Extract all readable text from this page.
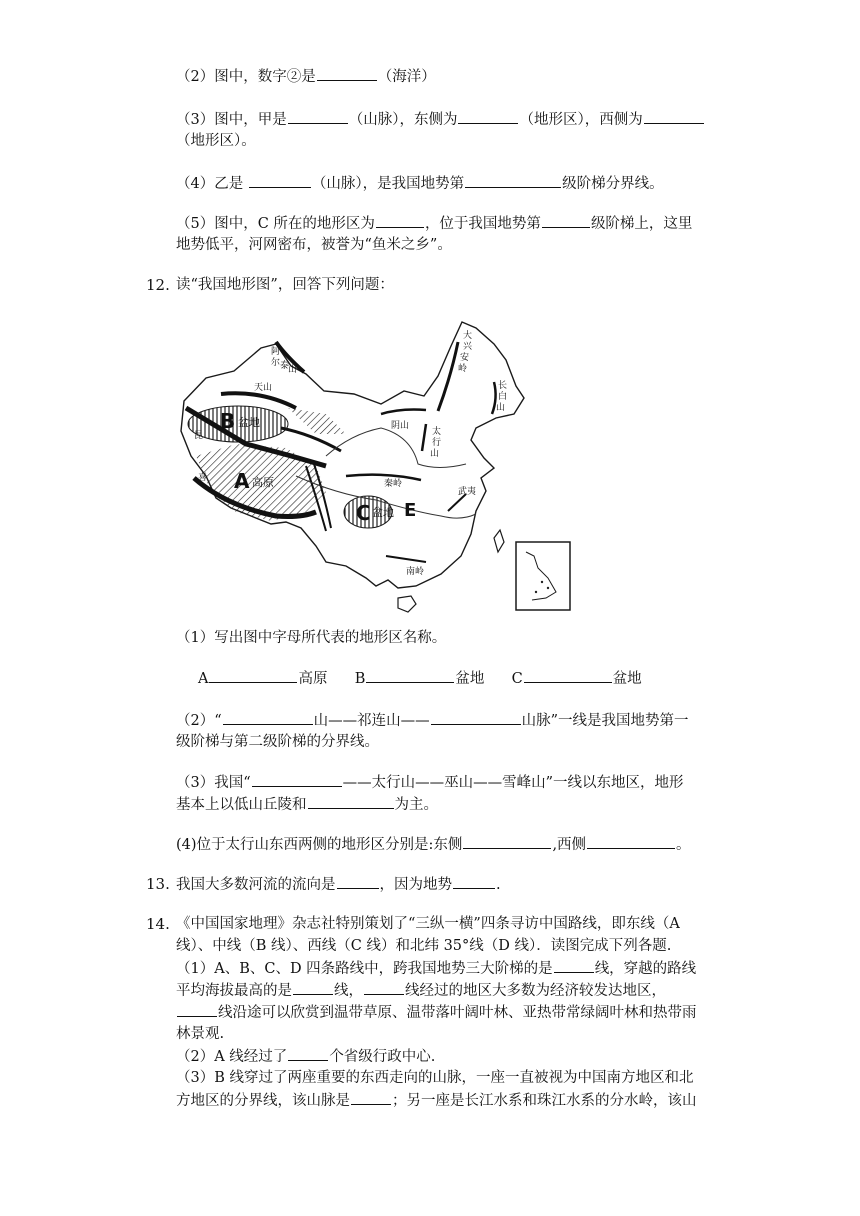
（2）图中，数字②是	（海洋）
（3）图中，甲是	（山脉），东侧为	（地形区），西侧为
（地形区）。
（4）乙是	（山脉），是我国地势第	级阶梯分界线。
（5）图中，C 所在的地形区为	，位于我国地势第	级阶梯上，这里
地势低平，河网密布，被誉为“鱼米之乡”。
12. 读“我国地形图”，回答下列问题：
大
兴
安
岭
长
白
山
阴山
太
行
山
秦岭
阿
尔 泰
山
天山
喜
昆
南岭
武夷
B 盆地
A 高原
C 盆地 E
（1）写出图中字母所代表的地形区名称。
A	高原 B	盆地 C	盆地
（2）“	山——祁连山——	山脉”一线是我国地势第一
级阶梯与第二级阶梯的分界线。
（3）我国“	——太行山——巫山——雪峰山”一线以东地区，地形
基本上以低山丘陵和	为主。
(4)位于太行山东西两侧的地形区分别是:东侧	,西侧	。
13. 我国大多数河流的流向是	，因为地势	.
14. 《中国国家地理》杂志社特别策划了“三纵一横”四条寻访中国路线，即东线（A
线）、中线（B 线）、西线（C 线）和北纬 35°线（D 线）．读图完成下列各题.
（1）A、B、C、D 四条路线中，跨我国地势三大阶梯的是	线，穿越的路线
平均海拔最高的是	线，	线经过的地区大多数为经济较发达地区，
线沿途可以欣赏到温带草原、温带落叶阔叶林、亚热带常绿阔叶林和热带雨
林景观.
（2）A 线经过了	个省级行政中心.
（3）B 线穿过了两座重要的东西走向的山脉，一座一直被视为中国南方地区和北
方地区的分界线，该山脉是	；另一座是长江水系和珠江水系的分水岭，该山
